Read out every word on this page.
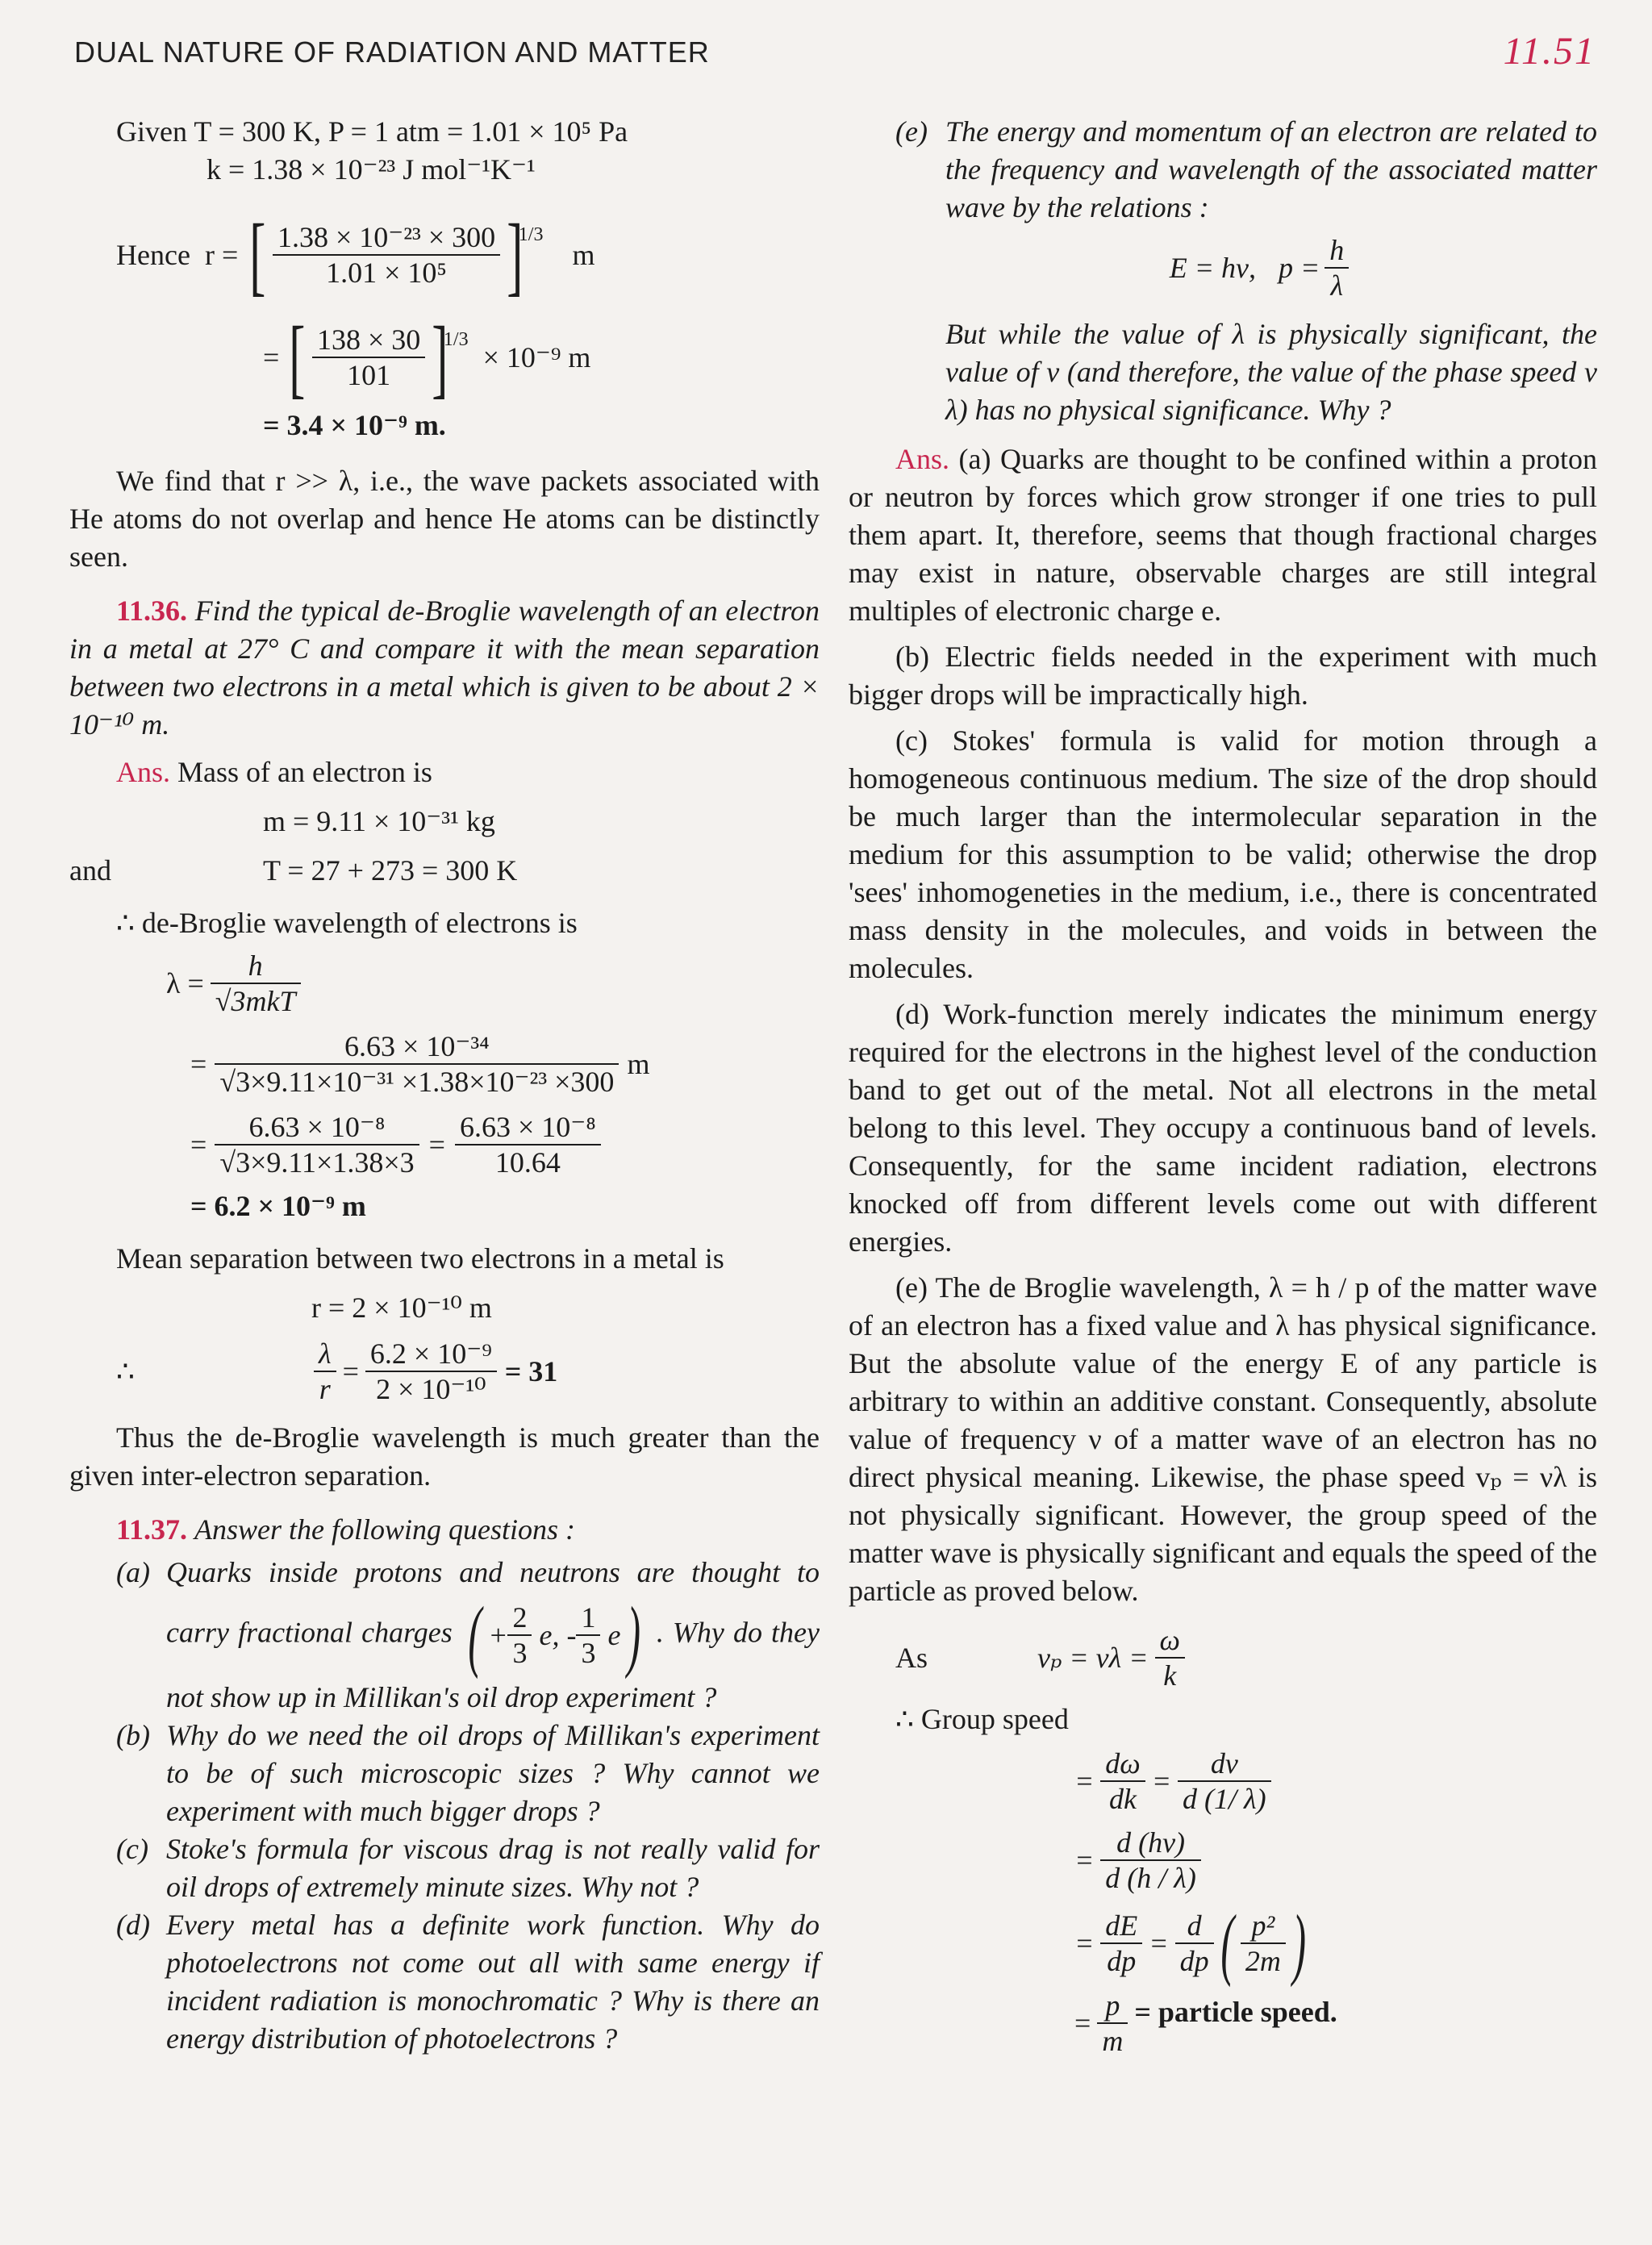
DUAL NATURE OF RADIATION AND MATTER	11.51
Given T = 300 K, P = 1 atm = 1.01 × 10⁵ Pa
k = 1.38 × 10⁻²³ J mol⁻¹K⁻¹
Hence r = [ $\frac{\text{1.38 × 10⁻²³ × 300}}{\text{1.01 × 10⁵}}$ ]
1/3
m
= [ $\frac{138 \times 30}{101}$ ]
1/3
× 10⁻⁹ m
= 3.4 × 10⁻⁹ m.

We find that r >> λ, i.e., the wave packets associated with He atoms do not overlap and hence He atoms can be distinctly seen.

11.36. Find the typical de-Broglie wavelength of an electron in a metal at 27° C and compare it with the mean separation between two electrons in a metal which is given to be about 2 × 10⁻¹⁰ m.

Ans. Mass of an electron is

m = 9.11 × 10⁻³¹ kg
and	T = 27 + 273 = 300 K
∴ de-Broglie wavelength of electrons is
$\lambda = \frac{h}{\text{√3mkT}}$
= $\frac{\text{6.63 × 10⁻³⁴}}{\text{√3×9.11×10⁻³¹ ×1.38×10⁻²³ ×300}}$ m
= $\frac{\text{6.63 × 10⁻⁸}}{√3\times 9.11\times 1.38\times 3} = \frac{\text{6.63 × 10⁻⁸}}{10.64}$
= 6.2 × 10⁻⁹ m
Mean separation between two electrons in a metal is
r = 2 × 10⁻¹⁰ m
∴	$\frac{\lambda}{r} = \frac{\text{6.2 × 10⁻⁹}}{\text{2 × 10⁻¹⁰}} = 31$

Thus the de-Broglie wavelength is much greater than the given inter-electron separation.

11.37. Answer the following questions :

(a) Quarks inside protons and neutrons are thought to carry fractional charges ( + $\frac{2}{3} e$, - $\frac{1}{3}$ e ) . Why do they not show up in Millikan's oil drop experiment ?

(b) Why do we need the oil drops of Millikan's experiment to be of such microscopic sizes ? Why cannot we experiment with much bigger drops ?

(c) Stoke's formula for viscous drag is not really valid for oil drops of extremely minute sizes. Why not ?

(d) Every metal has a definite work function. Why do photoelectrons not come out all with same energy if incident radiation is monochromatic ? Why is there an energy distribution of photoelectrons ?

(e) The energy and momentum of an electron are related to the frequency and wavelength of the associated matter wave by the relations :

E = hν, $p = \frac{h}{\lambda}$

But while the value of λ is physically significant, the value of ν (and therefore, the value of the phase speed ν λ) has no physical significance. Why ?

Ans. (a) Quarks are thought to be confined within a proton or neutron by forces which grow stronger if one tries to pull them apart. It, therefore, seems that though fractional charges may exist in nature, observable charges are still integral multiples of electronic charge e.

(b) Electric fields needed in the experiment with much bigger drops will be impractically high.

(c) Stokes' formula is valid for motion through a homogeneous continuous medium. The size of the drop should be much larger than the intermolecular separation in the medium for this assumption to be valid; otherwise the drop 'sees' inhomogeneties in the medium, i.e., there is concentrated mass density in the molecules, and voids in between the molecules.

(d) Work-function merely indicates the minimum energy required for the electrons in the highest level of the conduction band to get out of the metal. Not all electrons in the metal belong to this level. They occupy a continuous band of levels. Consequently, for the same incident radiation, electrons knocked off from different levels come out with different energies.

(e) The de Broglie wavelength, λ = h / p of the matter wave of an electron has a fixed value and λ has physical significance. But the absolute value of the energy E of any particle is arbitrary to within an additive constant. Consequently, absolute value of frequency ν of a matter wave of an electron has no direct physical meaning. Likewise, the phase speed vₚ = νλ is not physically significant. However, the group speed of the matter wave is physically significant and equals the speed of the particle as proved below.

As	$v_p = \nu\lambda = \frac{\omega}{k}$
∴ Group speed
= $\frac{d\omega}{dk} = \frac{d\nu}{d (1/ \lambda)}$
= $\frac{d (h\nu)}{d (h / \lambda)}$
= $\frac{dE}{dp} = \frac{d}{dp}$ ( $\frac{\text{p²}}{2m}$ )
= $\frac{p}{m}$ = particle speed.
